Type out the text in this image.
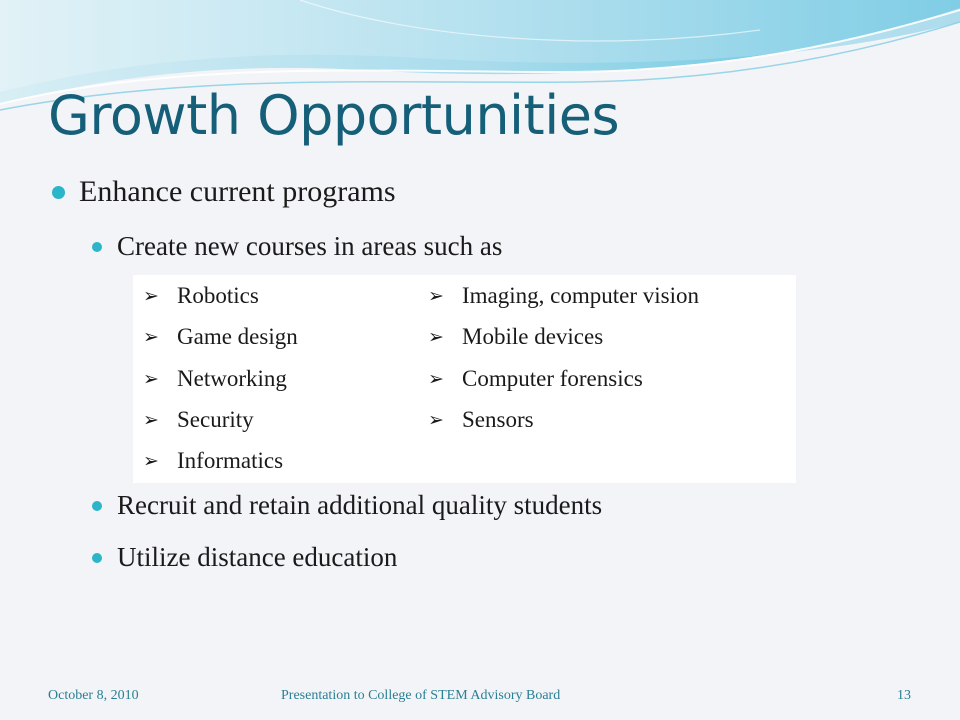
Growth Opportunities
Enhance current programs
Create new courses in areas such as
➢ Robotics
➢ Game design
➢ Networking
➢ Security
➢ Informatics
➢ Imaging, computer vision
➢ Mobile devices
➢ Computer forensics
➢ Sensors
Recruit and retain additional quality students
Utilize distance education
October 8, 2010	Presentation to College of STEM Advisory Board	13
